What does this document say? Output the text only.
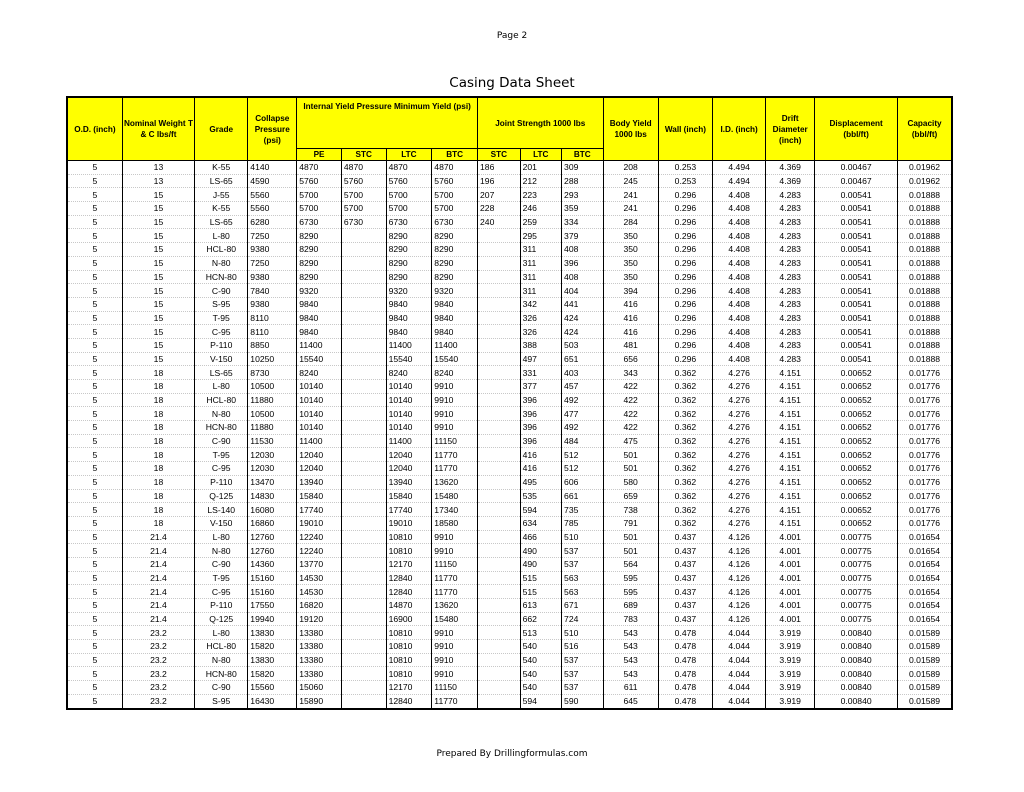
Page 2
Casing Data Sheet
O.D. (inch)	Nominal Weight T & C lbs/ft	Grade	Collapse Pressure (psi)	Internal Yield Pressure Minimum Yield (psi)				Joint Strength 1000 lbs			Body Yield 1000 lbs	Wall (inch)	I.D. (inch)	Drift Diameter (inch)	Displacement (bbl/ft)	Capacity (bbl/ft)
				PE	STC	LTC	BTC	STC	LTC	BTC						
5	13	K-55	4140	4870	4870	4870	4870	186	201	309	208	0.253	4.494	4.369	0.00467	0.01962
5	13	LS-65	4590	5760	5760	5760	5760	196	212	288	245	0.253	4.494	4.369	0.00467	0.01962
5	15	J-55	5560	5700	5700	5700	5700	207	223	293	241	0.296	4.408	4.283	0.00541	0.01888
5	15	K-55	5560	5700	5700	5700	5700	228	246	359	241	0.296	4.408	4.283	0.00541	0.01888
5	15	LS-65	6280	6730	6730	6730	6730	240	259	334	284	0.296	4.408	4.283	0.00541	0.01888
5	15	L-80	7250	8290		8290	8290		295	379	350	0.296	4.408	4.283	0.00541	0.01888
5	15	HCL-80	9380	8290		8290	8290		311	408	350	0.296	4.408	4.283	0.00541	0.01888
5	15	N-80	7250	8290		8290	8290		311	396	350	0.296	4.408	4.283	0.00541	0.01888
5	15	HCN-80	9380	8290		8290	8290		311	408	350	0.296	4.408	4.283	0.00541	0.01888
5	15	C-90	7840	9320		9320	9320		311	404	394	0.296	4.408	4.283	0.00541	0.01888
5	15	S-95	9380	9840		9840	9840		342	441	416	0.296	4.408	4.283	0.00541	0.01888
5	15	T-95	8110	9840		9840	9840		326	424	416	0.296	4.408	4.283	0.00541	0.01888
5	15	C-95	8110	9840		9840	9840		326	424	416	0.296	4.408	4.283	0.00541	0.01888
5	15	P-110	8850	11400		11400	11400		388	503	481	0.296	4.408	4.283	0.00541	0.01888
5	15	V-150	10250	15540		15540	15540		497	651	656	0.296	4.408	4.283	0.00541	0.01888
5	18	LS-65	8730	8240		8240	8240		331	403	343	0.362	4.276	4.151	0.00652	0.01776
5	18	L-80	10500	10140		10140	9910		377	457	422	0.362	4.276	4.151	0.00652	0.01776
5	18	HCL-80	11880	10140		10140	9910		396	492	422	0.362	4.276	4.151	0.00652	0.01776
5	18	N-80	10500	10140		10140	9910		396	477	422	0.362	4.276	4.151	0.00652	0.01776
5	18	HCN-80	11880	10140		10140	9910		396	492	422	0.362	4.276	4.151	0.00652	0.01776
5	18	C-90	11530	11400		11400	11150		396	484	475	0.362	4.276	4.151	0.00652	0.01776
5	18	T-95	12030	12040		12040	11770		416	512	501	0.362	4.276	4.151	0.00652	0.01776
5	18	C-95	12030	12040		12040	11770		416	512	501	0.362	4.276	4.151	0.00652	0.01776
5	18	P-110	13470	13940		13940	13620		495	606	580	0.362	4.276	4.151	0.00652	0.01776
5	18	Q-125	14830	15840		15840	15480		535	661	659	0.362	4.276	4.151	0.00652	0.01776
5	18	LS-140	16080	17740		17740	17340		594	735	738	0.362	4.276	4.151	0.00652	0.01776
5	18	V-150	16860	19010		19010	18580		634	785	791	0.362	4.276	4.151	0.00652	0.01776
5	21.4	L-80	12760	12240		10810	9910		466	510	501	0.437	4.126	4.001	0.00775	0.01654
5	21.4	N-80	12760	12240		10810	9910		490	537	501	0.437	4.126	4.001	0.00775	0.01654
5	21.4	C-90	14360	13770		12170	11150		490	537	564	0.437	4.126	4.001	0.00775	0.01654
5	21.4	T-95	15160	14530		12840	11770		515	563	595	0.437	4.126	4.001	0.00775	0.01654
5	21.4	C-95	15160	14530		12840	11770		515	563	595	0.437	4.126	4.001	0.00775	0.01654
5	21.4	P-110	17550	16820		14870	13620		613	671	689	0.437	4.126	4.001	0.00775	0.01654
5	21.4	Q-125	19940	19120		16900	15480		662	724	783	0.437	4.126	4.001	0.00775	0.01654
5	23.2	L-80	13830	13380		10810	9910		513	510	543	0.478	4.044	3.919	0.00840	0.01589
5	23.2	HCL-80	15820	13380		10810	9910		540	516	543	0.478	4.044	3.919	0.00840	0.01589
5	23.2	N-80	13830	13380		10810	9910		540	537	543	0.478	4.044	3.919	0.00840	0.01589
5	23.2	HCN-80	15820	13380		10810	9910		540	537	543	0.478	4.044	3.919	0.00840	0.01589
5	23.2	C-90	15560	15060		12170	11150		540	537	611	0.478	4.044	3.919	0.00840	0.01589
5	23.2	S-95	16430	15890		12840	11770		594	590	645	0.478	4.044	3.919	0.00840	0.01589
Prepared By Drillingformulas.com
